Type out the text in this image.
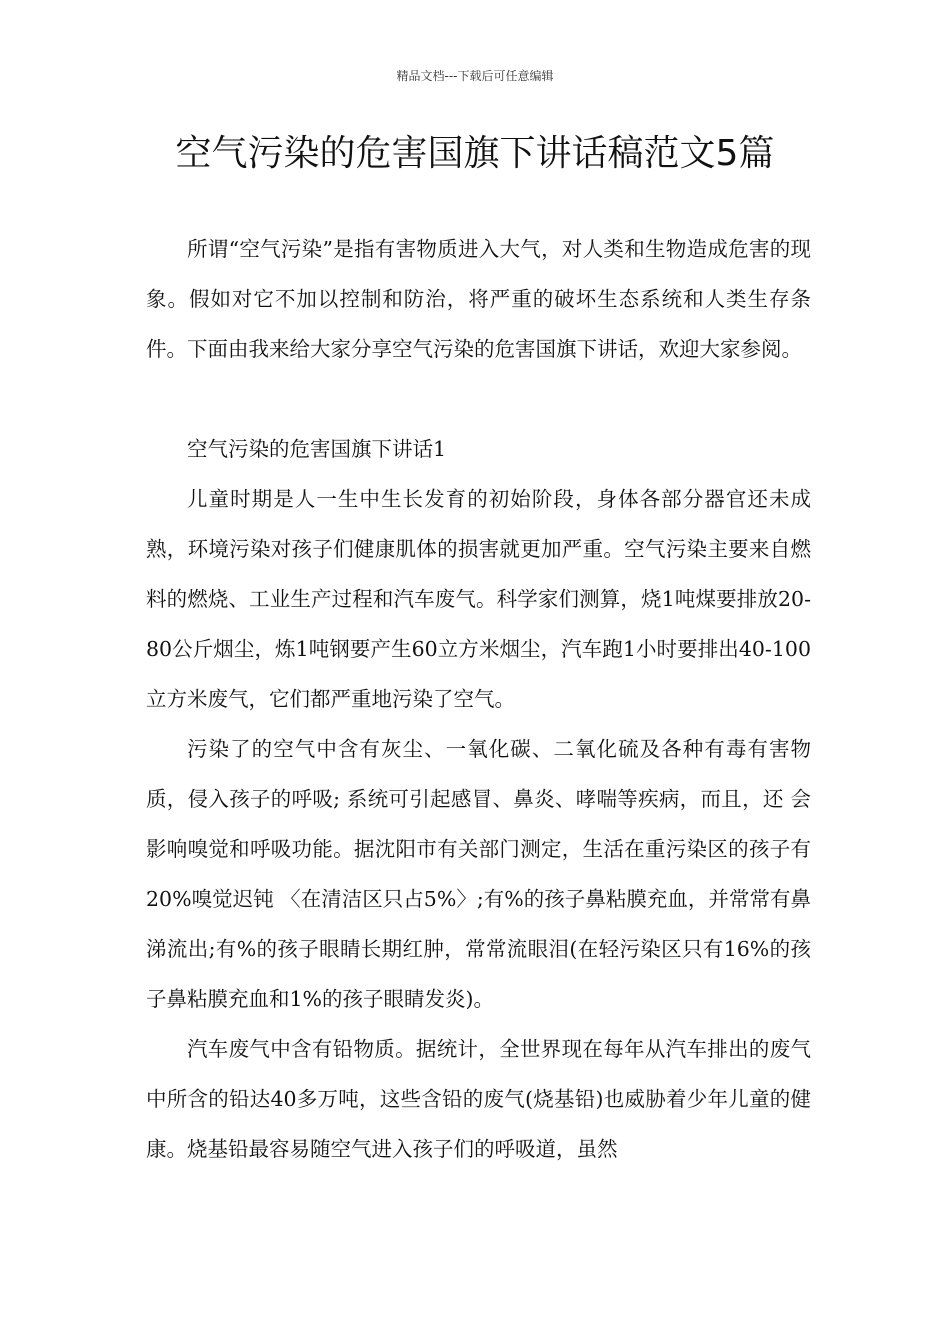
精品文档---下载后可任意编辑
空气污染的危害国旗下讲话稿范文5篇

所谓“空气污染”是指有害物质进入大气，对人类和生物造成危害的现象。假如对它不加以控制和防治，将严重的破坏生态系统和人类生存条件。下面由我来给大家分享空气污染的危害国旗下讲话，欢迎大家参阅。

空气污染的危害国旗下讲话1

儿童时期是人一生中生长发育的初始阶段，身体各部分器官还未成熟，环境污染对孩子们健康肌体的损害就更加严重。空气污染主要来自燃料的燃烧、工业生产过程和汽车废气。科学家们测算，烧1吨煤要排放20-80公斤烟尘，炼1吨钢要产生60立方米烟尘，汽车跑1小时要排出40-100立方米废气，它们都严重地污染了空气。

污染了的空气中含有灰尘、一氧化碳、二氧化硫及各种有毒有害物质，侵入孩子的呼吸; 系统可引起感冒、鼻炎、哮喘等疾病，而且，还 会影响嗅觉和呼吸功能。据沈阳市有关部门测定，生活在重污染区的孩子有20%嗅觉迟钝 〈在清洁区只占5%〉;有%的孩子鼻粘膜充血，并常常有鼻涕流出;有%的孩子眼睛长期红肿，常常流眼泪(在轻污染区只有16%的孩子鼻粘膜充血和1%的孩子眼睛发炎)。

汽车废气中含有铅物质。据统计，全世界现在每年从汽车排出的废气中所含的铅达40多万吨，这些含铅的废气(烧基铅)也威胁着少年儿童的健康。烧基铅最容易随空气进入孩子们的呼吸道，虽然
